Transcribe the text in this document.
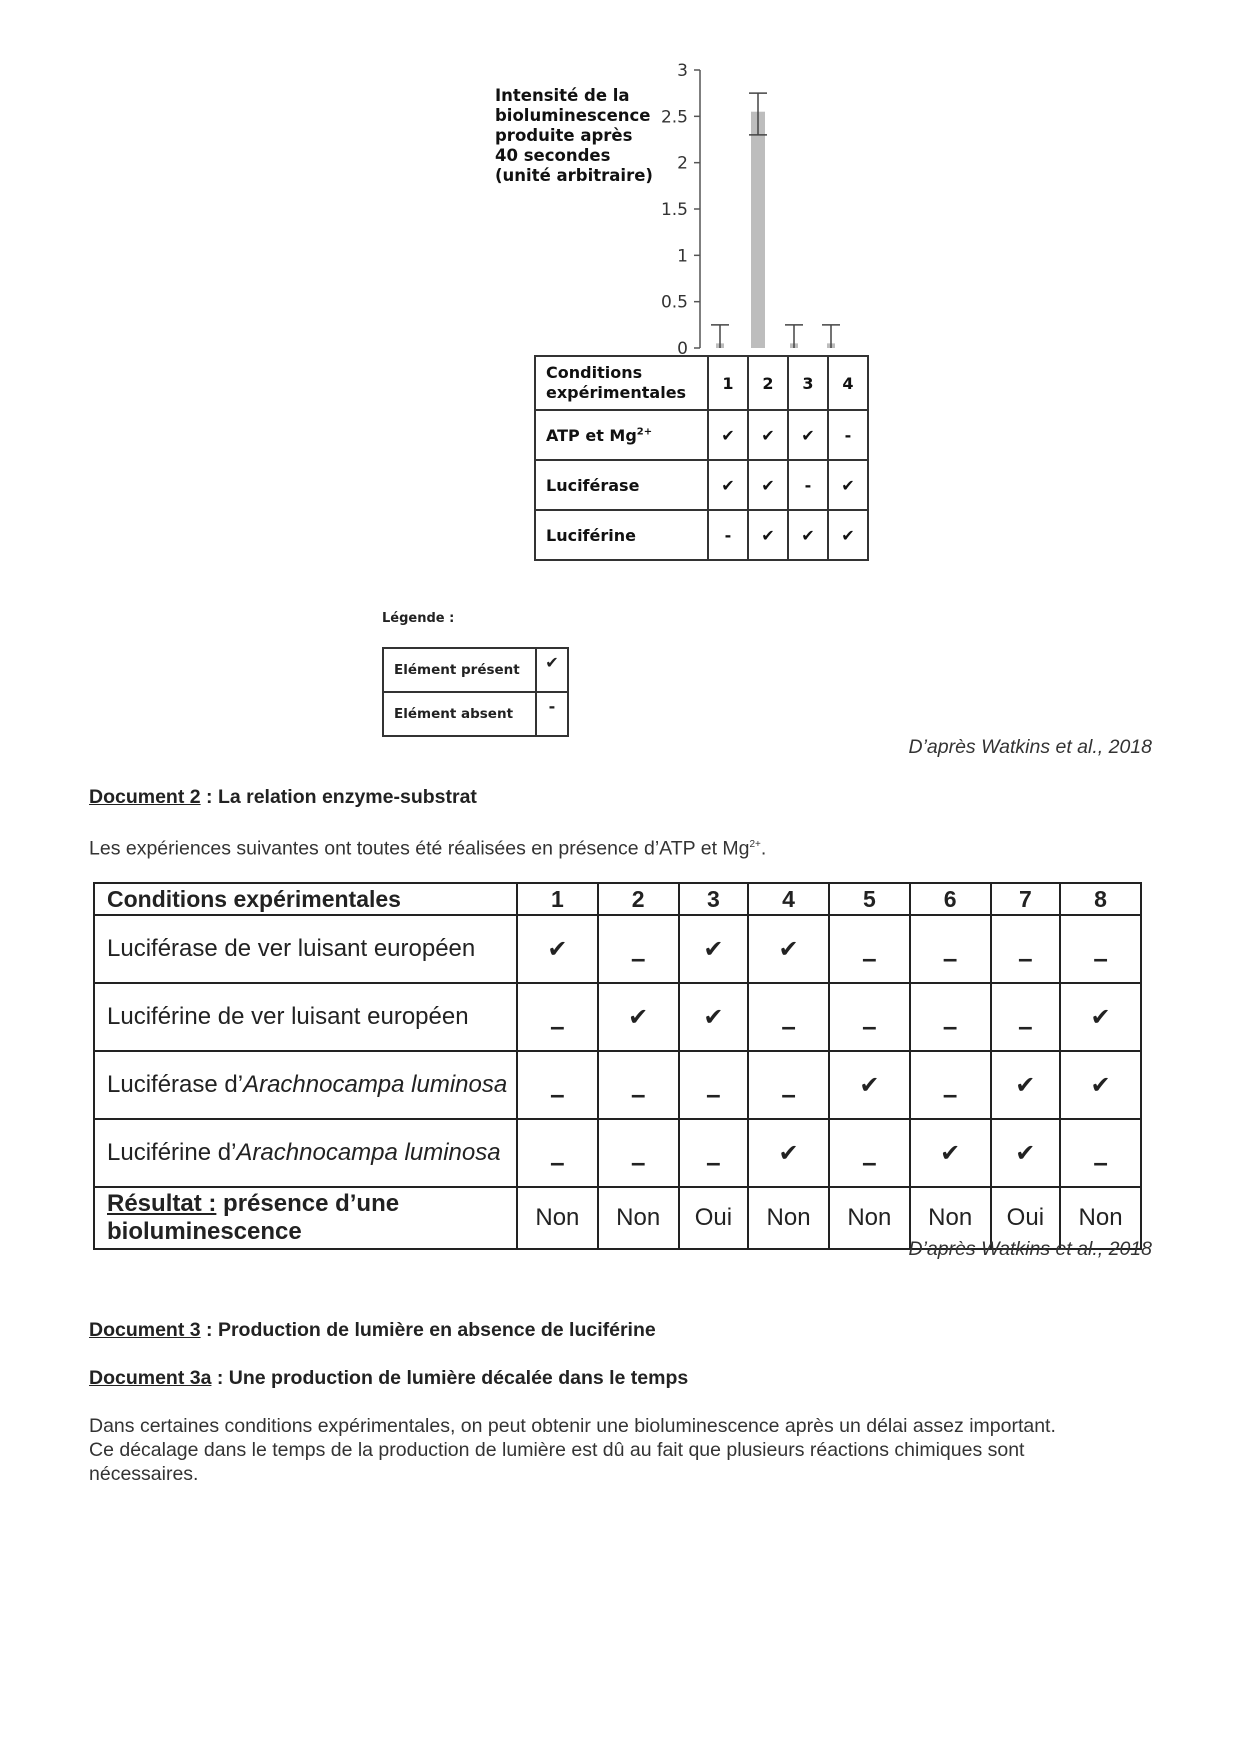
Intensité de la
bioluminescence
produite après
40 secondes
(unité arbitraire)
0
0.5
1
1.5
2
2.5
3
Conditions
expérimentales	1	2	3	4
ATP et $Mg^{2+}$	✔	✔	✔	-
Luciférase	✔	✔	-	✔
Luciférine	-	✔	✔	✔
Légende :
Elément présent	✔
Elément absent	-
D’après Watkins et al., 2018
Document 2 : La relation enzyme-substrat
Les expériences suivantes ont toutes été réalisées en présence d’ATP et $Mg^{2+}$.
Conditions expérimentales	1	2	3	4	5	6	7	8
Luciférase de ver luisant européen	✔	–	✔	✔	–	–	–	–
Luciférine de ver luisant européen	–	✔	✔	–	–	–	–	✔
Luciférase d’Arachnocampa luminosa	–	–	–	–	✔	–	✔	✔
Luciférine d’Arachnocampa luminosa	–	–	–	✔	–	✔	✔	–
Résultat : présence d’une bioluminescence	Non	Non	Oui	Non	Non	Non	Oui	Non
D’après Watkins et al., 2018
Document 3 : Production de lumière en absence de luciférine
Document 3a : Une production de lumière décalée dans le temps
Dans certaines conditions expérimentales, on peut obtenir une bioluminescence après un délai assez important.
Ce décalage dans le temps de la production de lumière est dû au fait que plusieurs réactions chimiques sont
nécessaires.
